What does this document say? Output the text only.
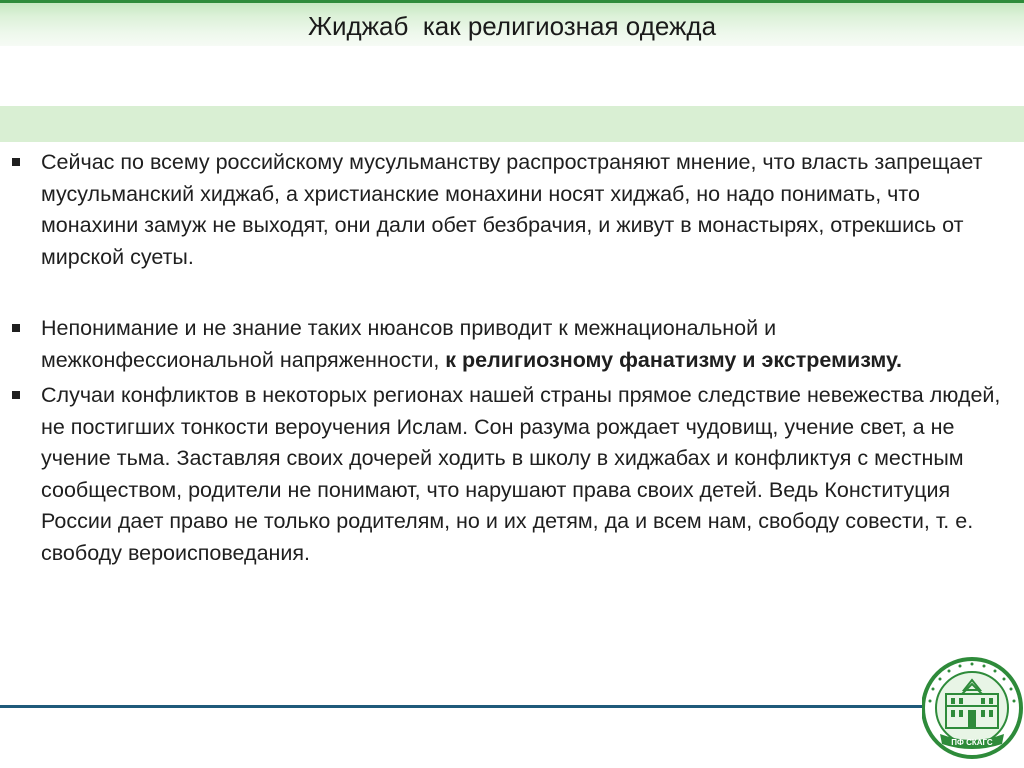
Жиджаб  как религиозная одежда
Сейчас по всему российскому мусульманству распространяют мнение, что власть запрещает мусульманский хиджаб, а христианские монахини носят хиджаб, но надо понимать, что монахини замуж не выходят, они дали обет безбрачия, и живут в монастырях, отрекшись от мирской суеты.
Непонимание и не знание таких нюансов приводит к межнациональной и межконфессиональной напряженности, к религиозному фанатизму и экстремизму.
Случаи конфликтов в некоторых регионах нашей страны прямое следствие невежества людей, не постигших тонкости вероучения Ислам. Сон разума рождает чудовищ, учение свет, а не учение тьма. Заставляя своих дочерей ходить в школу в хиджабах и конфликтуя с местным сообществом, родители не понимают, что нарушают права своих детей. Ведь Конституция России дает право не только родителям, но и их детям, да и всем нам, свободу совести, т. е. свободу вероисповедания.
ПФ СКАГС
